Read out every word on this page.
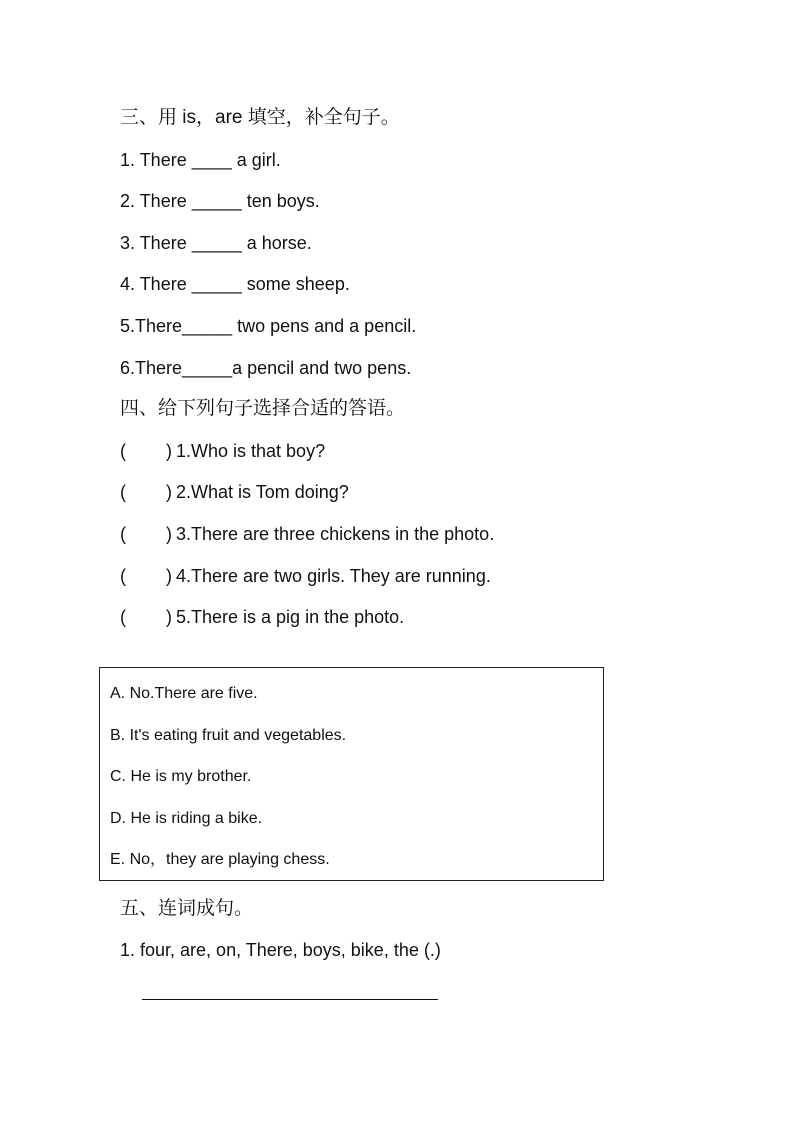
三、用 is，are 填空，补全句子。
1. There ____ a girl.
2. There _____ ten boys.
3. There _____ a horse.
4. There _____ some sheep.
5.There_____ two pens and a pencil.
6.There_____a pencil and two pens.
四、给下列句子选择合适的答语。
(        ) 1.Who is that boy?
(        ) 2.What is Tom doing?
(        ) 3.There are three chickens in the photo.
(        ) 4.There are two girls. They are running.
(        ) 5.There is a pig in the photo.
A. No.There are five.
B. It's eating fruit and vegetables.
C. He is my brother.
D. He is riding a bike.
E. No，they are playing chess.
五、连词成句。
1. four, are, on, There, boys, bike, the (.)
